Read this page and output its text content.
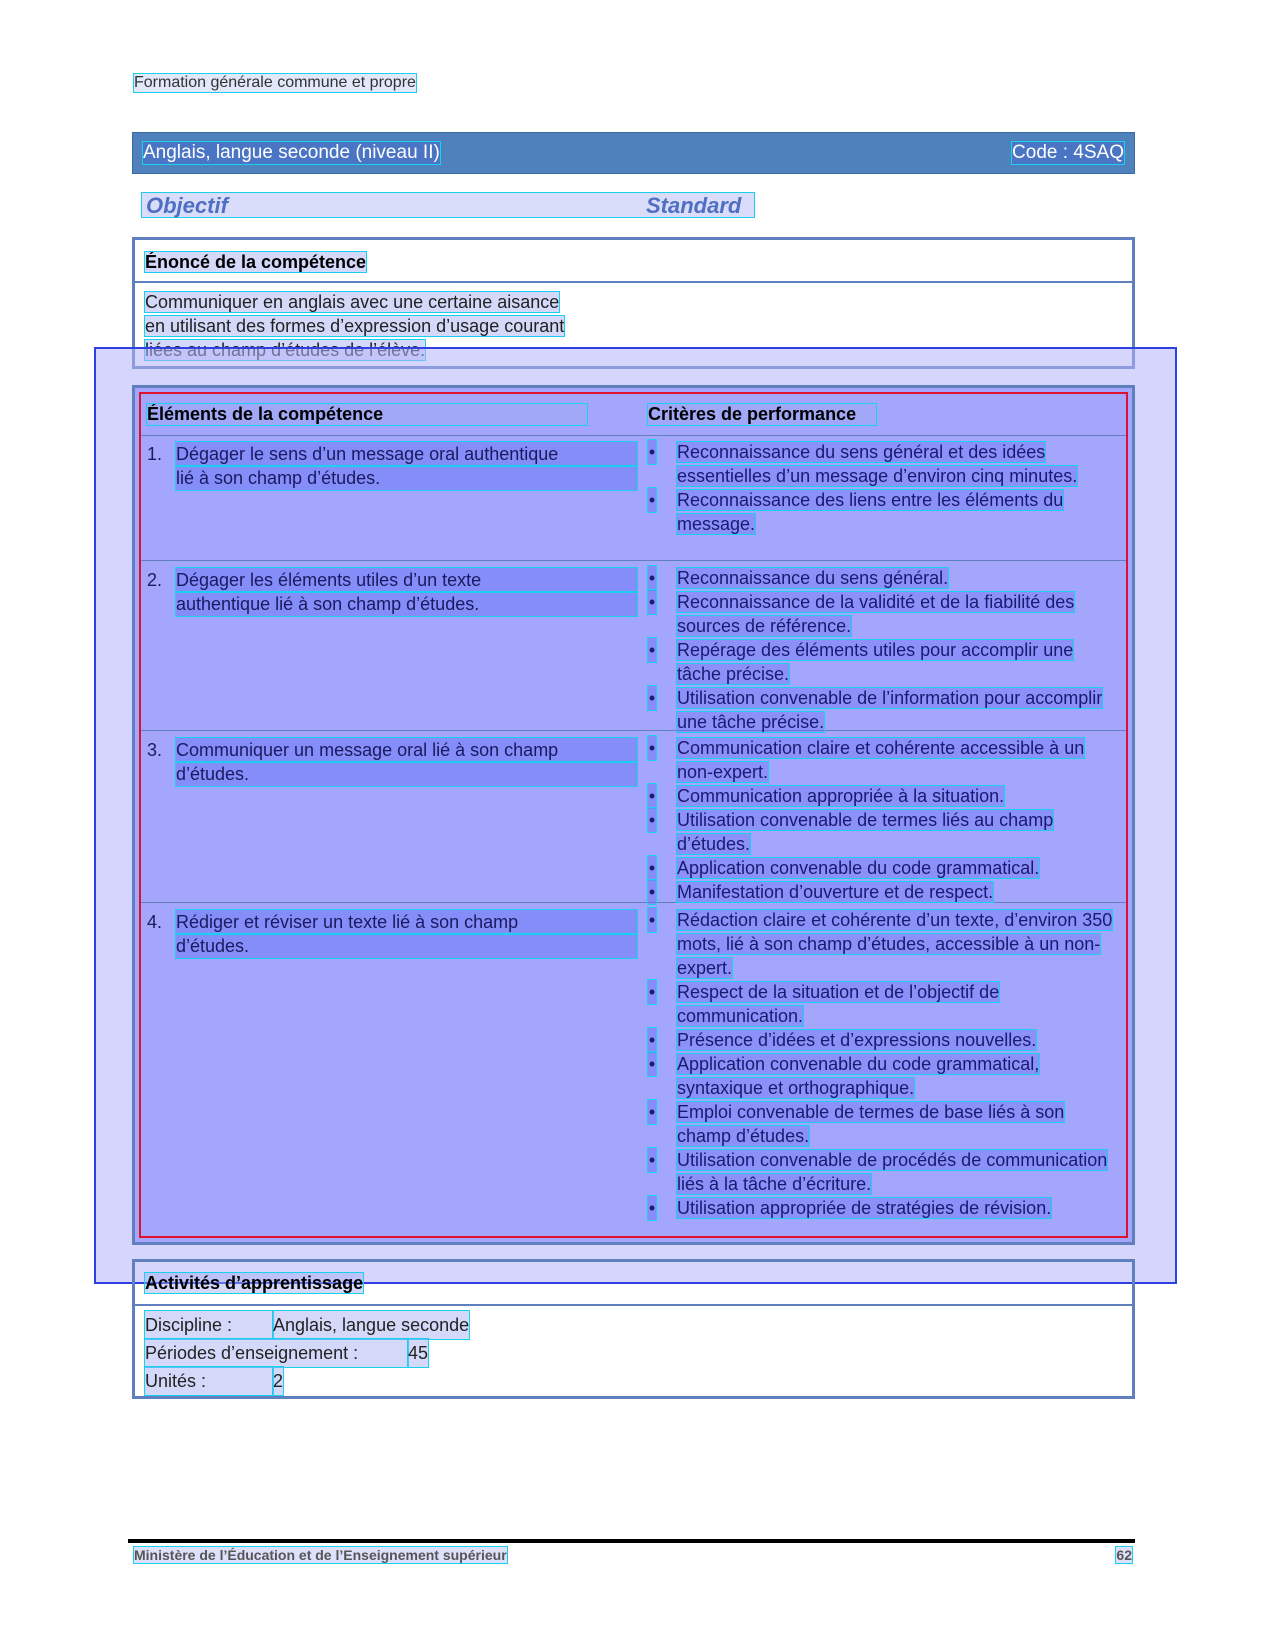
Formation générale commune et propre
Anglais, langue seconde (niveau II)	Code : 4SAQ
Objectif	Standard
Énoncé de la compétence
Communiquer en anglais avec une certaine aisance
en utilisant des formes d’expression d’usage courant
Éléments de la compétence	Critères de performance
1. Dégager le sens d’un message oral authentique
lié à son champ d’études.
• Reconnaissance du sens général et des idées essentielles d’un message d’environ cinq minutes.
• Reconnaissance des liens entre les éléments du message.
2. Dégager les éléments utiles d’un texte
authentique lié à son champ d’études.
• Reconnaissance du sens général.
• Reconnaissance de la validité et de la fiabilité des sources de référence.
• Repérage des éléments utiles pour accomplir une tâche précise.
• Utilisation convenable de l’information pour accomplir une tâche précise.
3. Communiquer un message oral lié à son champ
d’études.
• Communication claire et cohérente accessible à un non-expert.
• Communication appropriée à la situation.
• Utilisation convenable de termes liés au champ d’études.
• Application convenable du code grammatical.
• Manifestation d’ouverture et de respect.
4. Rédiger et réviser un texte lié à son champ
d’études.
• Rédaction claire et cohérente d’un texte, d’environ 350 mots, lié à son champ d’études, accessible à un non-expert.
• Respect de la situation et de l’objectif de communication.
• Présence d’idées et d’expressions nouvelles.
• Application convenable du code grammatical, syntaxique et orthographique.
• Emploi convenable de termes de base liés à son champ d’études.
• Utilisation convenable de procédés de communication liés à la tâche d’écriture.
• Utilisation appropriée de stratégies de révision.
Activités d’apprentissage
Discipline :	Anglais, langue seconde
Périodes d’enseignement :	45
Unités :	2
Ministère de l’Éducation et de l’Enseignement supérieur	62
